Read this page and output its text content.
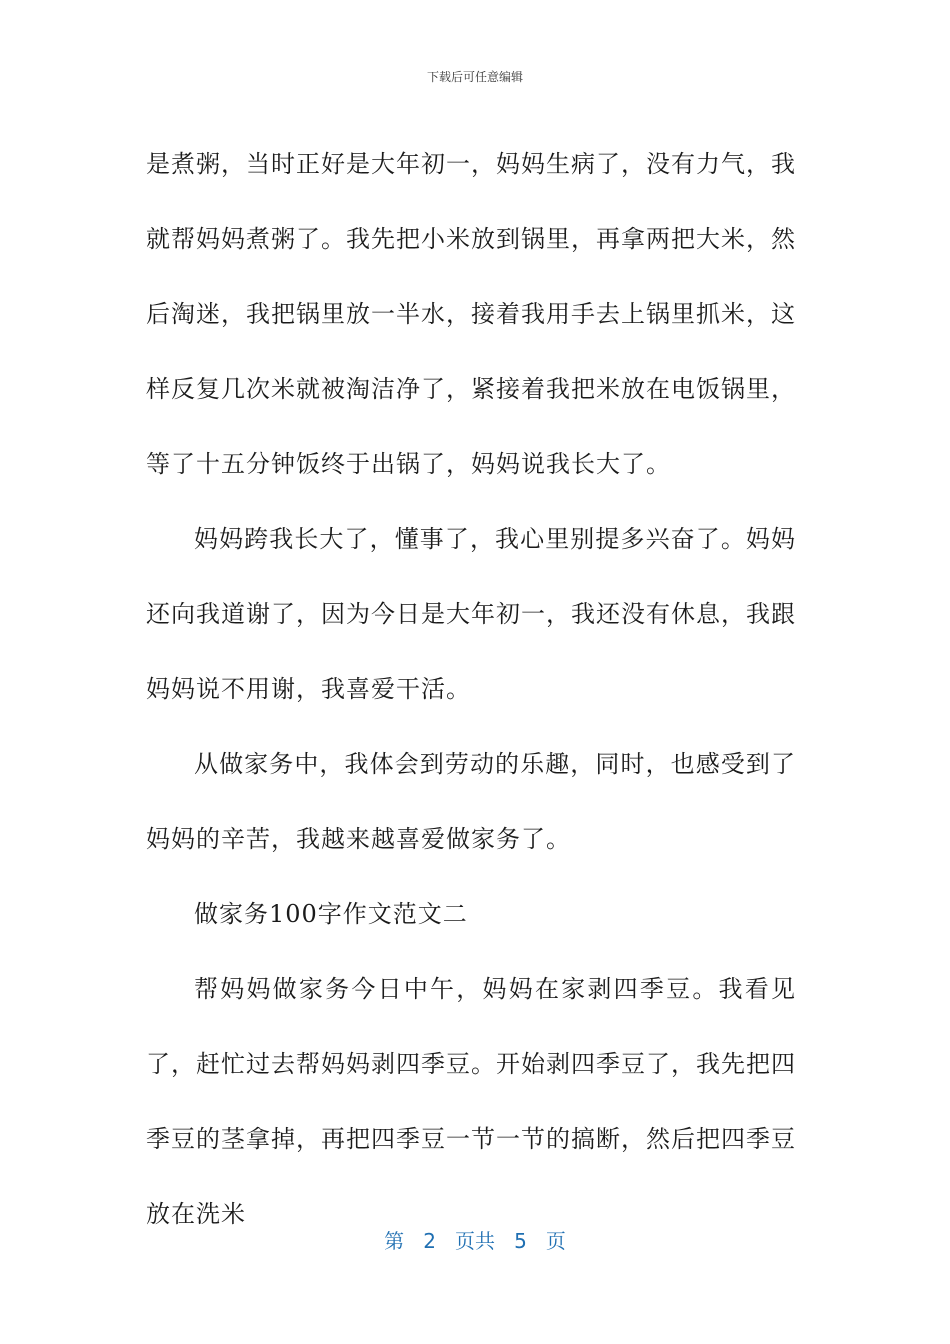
下载后可任意编辑

是煮粥，当时正好是大年初一，妈妈生病了，没有力气，我就帮妈妈煮粥了。我先把小米放到锅里，再拿两把大米，然后淘迷，我把锅里放一半水，接着我用手去上锅里抓米，这样反复几次米就被淘洁净了，紧接着我把米放在电饭锅里，等了十五分钟饭终于出锅了，妈妈说我长大了。

妈妈跨我长大了，懂事了，我心里别提多兴奋了。妈妈还向我道谢了，因为今日是大年初一，我还没有休息，我跟妈妈说不用谢，我喜爱干活。

从做家务中，我体会到劳动的乐趣，同时，也感受到了妈妈的辛苦，我越来越喜爱做家务了。

做家务100字作文范文二

帮妈妈做家务今日中午，妈妈在家剥四季豆。我看见了，赶忙过去帮妈妈剥四季豆。开始剥四季豆了，我先把四季豆的茎拿掉，再把四季豆一节一节的搞断，然后把四季豆放在洗米

第 2 页共 5 页
